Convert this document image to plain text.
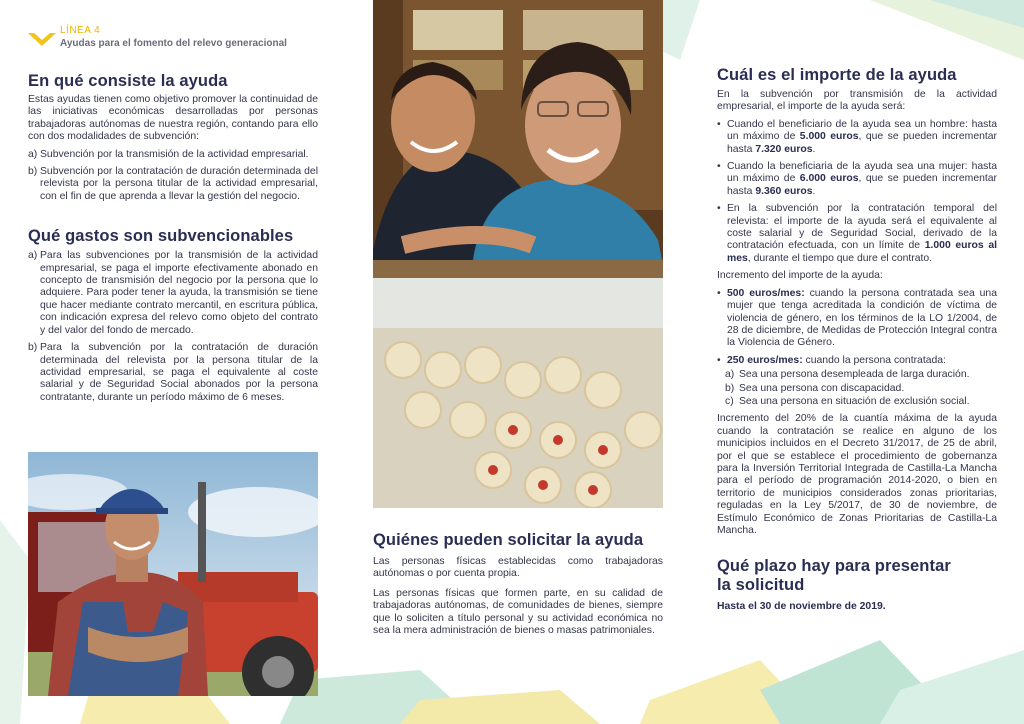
LÍNEA 4
Ayudas para el fomento del relevo generacional
En qué consiste la ayuda

Estas ayudas tienen como objetivo promover la continuidad de las iniciativas económicas desarrolladas por personas trabajadoras autónomas de nuestra región, contando para ello con dos modalidades de subvención:

a) Subvención por la transmisión de la actividad empresarial.
b) Subvención por la contratación de duración determinada del relevista por la persona titular de la actividad empresarial, con el fin de que aprenda a llevar la gestión del negocio.
Qué gastos son subvencionables
a) Para las subvenciones por la transmisión de la actividad empresarial, se paga el importe efectivamente abonado en concepto de transmisión del negocio por la persona que lo adquiere. Para poder tener la ayuda, la transmisión se tiene que hacer mediante contrato mercantil, en escritura pública, con indicación expresa del relevo como objeto del contrato y del valor del fondo de mercado.
b) Para la subvención por la contratación de duración determinada del relevista por la persona titular de la actividad empresarial, se paga el equivalente al coste salarial y de Seguridad Social abonados por la persona contratante, durante un período máximo de 6 meses.
Quiénes pueden solicitar la ayuda

Las personas físicas establecidas como trabajadoras autónomas o por cuenta propia.

Las personas físicas que formen parte, en su calidad de trabajadoras autónomas, de comunidades de bienes, siempre que lo soliciten a título personal y su actividad económica no sea la mera administración de bienes o masas patrimoniales.

Cuál es el importe de la ayuda

En la subvención por transmisión de la actividad empresarial, el importe de la ayuda será:

• Cuando el beneficiario de la ayuda sea un hombre: hasta un máximo de 5.000 euros, que se pueden incrementar hasta 7.320 euros.
• Cuando la beneficiaria de la ayuda sea una mujer: hasta un máximo de 6.000 euros, que se pueden incrementar hasta 9.360 euros.
• En la subvención por la contratación temporal del relevista: el importe de la ayuda será el equivalente al coste salarial y de Seguridad Social, derivado de la contratación efectuada, con un límite de 1.000 euros al mes, durante el tiempo que dure el contrato.

Incremento del importe de la ayuda:

• 500 euros/mes: cuando la persona contratada sea una mujer que tenga acreditada la condición de víctima de violencia de género, en los términos de la LO 1/2004, de 28 de diciembre, de Medidas de Protección Integral contra la Violencia de Género.
• 250 euros/mes: cuando la persona contratada:
a) Sea una persona desempleada de larga duración.
b) Sea una persona con discapacidad.
c) Sea una persona en situación de exclusión social.

Incremento del 20% de la cuantía máxima de la ayuda cuando la contratación se realice en alguno de los municipios incluidos en el Decreto 31/2017, de 25 de abril, por el que se establece el procedimiento de gobernanza para la Inversión Territorial Integrada de Castilla-La Mancha para el período de programación 2014-2020, o bien en territorio de municipios considerados zonas prioritarias, reguladas en la Ley 5/2017, de 30 de noviembre, de Estímulo Económico de Zonas Prioritarias de Castilla-La Mancha.

Qué plazo hay para presentar
la solicitud

Hasta el 30 de noviembre de 2019.
